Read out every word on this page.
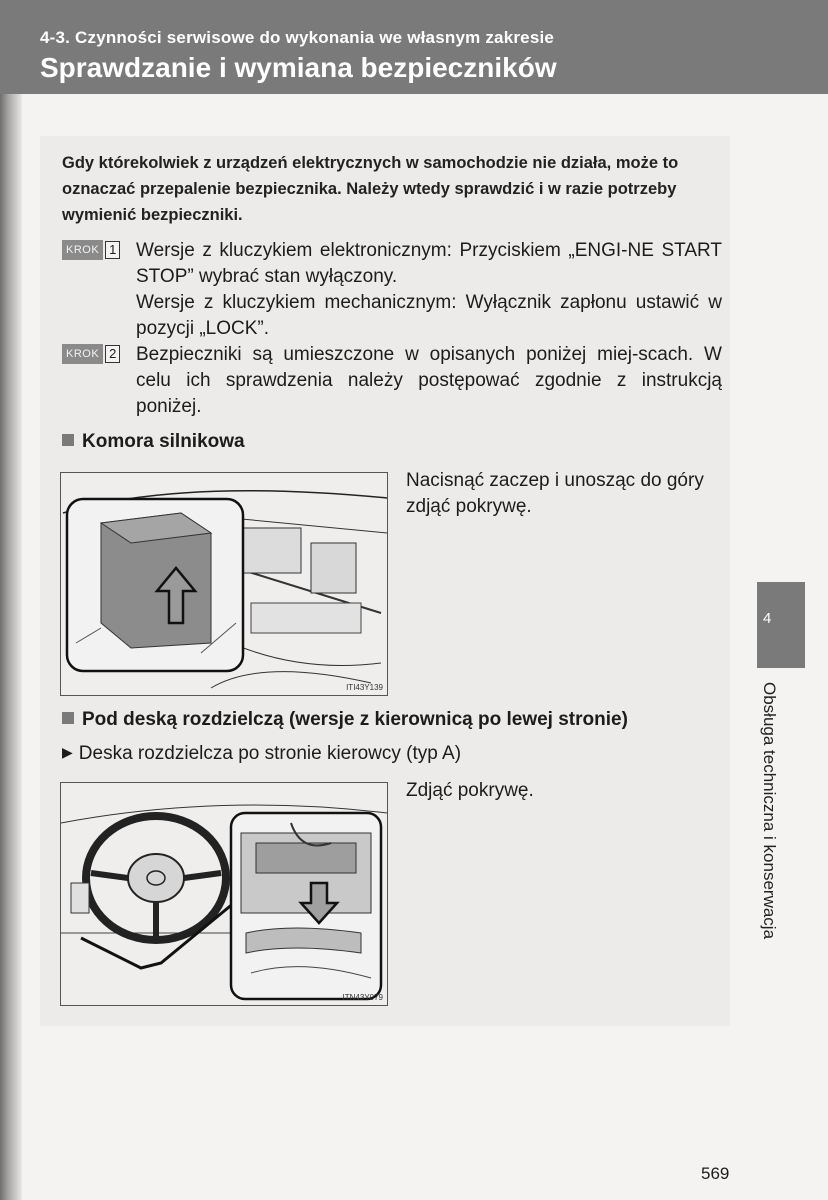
4-3. Czynności serwisowe do wykonania we własnym zakresie
Sprawdzanie i wymiana bezpieczników
Gdy którekolwiek z urządzeń elektrycznych w samochodzie nie działa, może to oznaczać przepalenie bezpiecznika. Należy wtedy sprawdzić i w razie potrzeby wymienić bezpieczniki.
KROK 1 Wersje z kluczykiem elektronicznym: Przyciskiem „ENGI-NE START STOP” wybrać stan wyłączony.
Wersje z kluczykiem mechanicznym: Wyłącznik zapłonu ustawić w pozycji „LOCK”.
KROK 2 Bezpieczniki są umieszczone w opisanych poniżej miej-scach. W celu ich sprawdzenia należy postępować zgodnie z instrukcją poniżej.
Komora silnikowa
ITI43Y139
Nacisnąć zaczep i unosząc do góry zdjąć pokrywę.
Pod deską rozdzielczą (wersje z kierownicą po lewej stronie)
▶ Deska rozdzielcza po stronie kierowcy (typ A)
ITN43Y079
Zdjąć pokrywę.
4
Obsługa techniczna i konserwacja
569
